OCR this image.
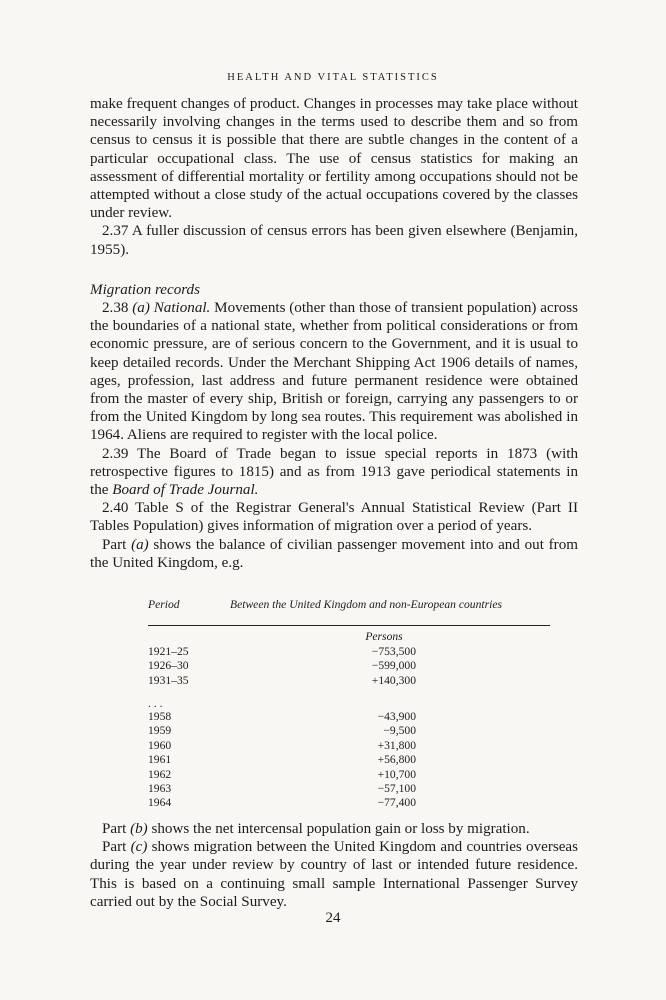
HEALTH AND VITAL STATISTICS

make frequent changes of product. Changes in processes may take place without necessarily involving changes in the terms used to describe them and so from census to census it is possible that there are subtle changes in the content of a particular occupational class. The use of census statistics for making an assessment of differential mortality or fertility among occupations should not be attempted without a close study of the actual occupations covered by the classes under review.

2.37 A fuller discussion of census errors has been given elsewhere (Benjamin, 1955).

Migration records

2.38 (a) National. Movements (other than those of transient population) across the boundaries of a national state, whether from political considerations or from economic pressure, are of serious concern to the Government, and it is usual to keep detailed records. Under the Merchant Shipping Act 1906 details of names, ages, profession, last address and future permanent residence were obtained from the master of every ship, British or foreign, carrying any passengers to or from the United Kingdom by long sea routes. This requirement was abolished in 1964. Aliens are required to register with the local police.

2.39 The Board of Trade began to issue special reports in 1873 (with retrospective figures to 1815) and as from 1913 gave periodical statements in the Board of Trade Journal.

2.40 Table S of the Registrar General's Annual Statistical Review (Part II Tables Population) gives information of migration over a period of years.

Part (a) shows the balance of civilian passenger movement into and out from the United Kingdom, e.g.

Period	Between the United Kingdom and non-European countries
Persons
1921–25	−753,500
1926–30	−599,000
1931–35	+140,300
. . .
1958	−43,900
1959	−9,500
1960	+31,800
1961	+56,800
1962	+10,700
1963	−57,100
1964	−77,400

Part (b) shows the net intercensal population gain or loss by migration.

Part (c) shows migration between the United Kingdom and countries overseas during the year under review by country of last or intended future residence. This is based on a continuing small sample International Passenger Survey carried out by the Social Survey.

24
